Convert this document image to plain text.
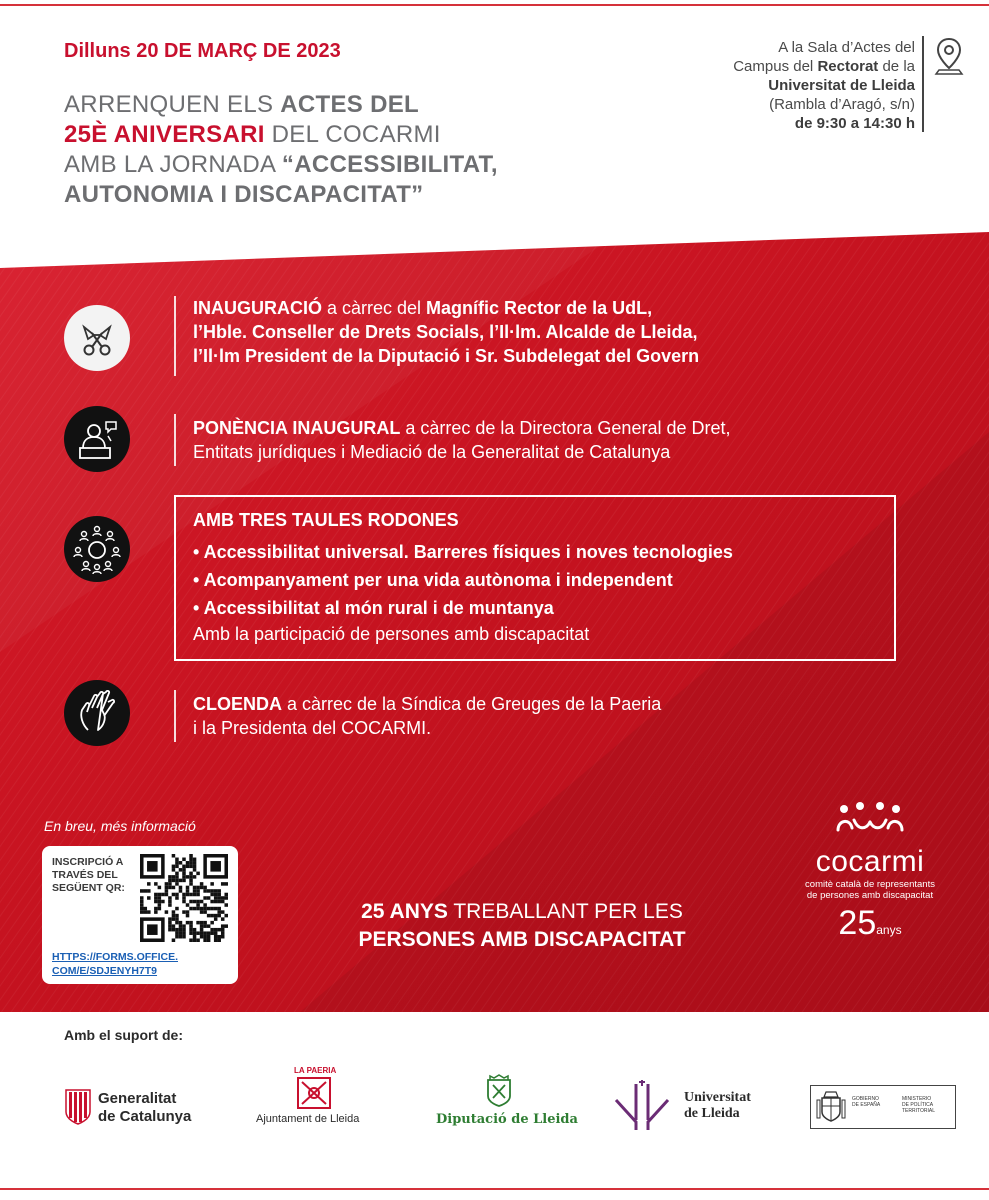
Dilluns 20 DE MARÇ DE 2023
ARRENQUEN ELS ACTES DEL
25È ANIVERSARI DEL COCARMI
AMB LA JORNADA “ACCESSIBILITAT,
AUTONOMIA I DISCAPACITAT”
A la Sala d’Actes del
Campus del Rectorat de la
Universitat de Lleida
(Rambla d’Aragó, s/n)
de 9:30 a 14:30 h
INAUGURACIÓ a càrrec del Magnífic Rector de la UdL,
l’Hble. Conseller de Drets Socials, l’Il·lm. Alcalde de Lleida,
l’Il·lm President de la Diputació i Sr. Subdelegat del Govern
PONÈNCIA INAUGURAL a càrrec de la Directora General de Dret,
Entitats jurídiques i Mediació de la Generalitat de Catalunya
AMB TRES TAULES RODONES
• Accessibilitat universal. Barreres físiques i noves tecnologies
• Acompanyament per una vida autònoma i independent
• Accessibilitat al món rural i de muntanya
Amb la participació de persones amb discapacitat
CLOENDA a càrrec de la Síndica de Greuges de la Paeria
i la Presidenta del COCARMI.
En breu, més informació
INSCRIPCIÓ A
TRAVÉS DEL
SEGÜENT QR:
HTTPS://FORMS.OFFICE.
COM/E/SDJENYH7T9
25 ANYS TREBALLANT PER LES
PERSONES AMB DISCAPACITAT
cocarmi
comitè català de representants
de persones amb discapacitat
25anys
Amb el suport de:
Generalitat
de Catalunya
LA PAERIA
Ajuntament de Lleida	Diputació de Lleida
Universitat
de Lleida
GOBIERNO
DE ESPAÑA
MINISTERIO
DE POLÍTICA TERRITORIAL
